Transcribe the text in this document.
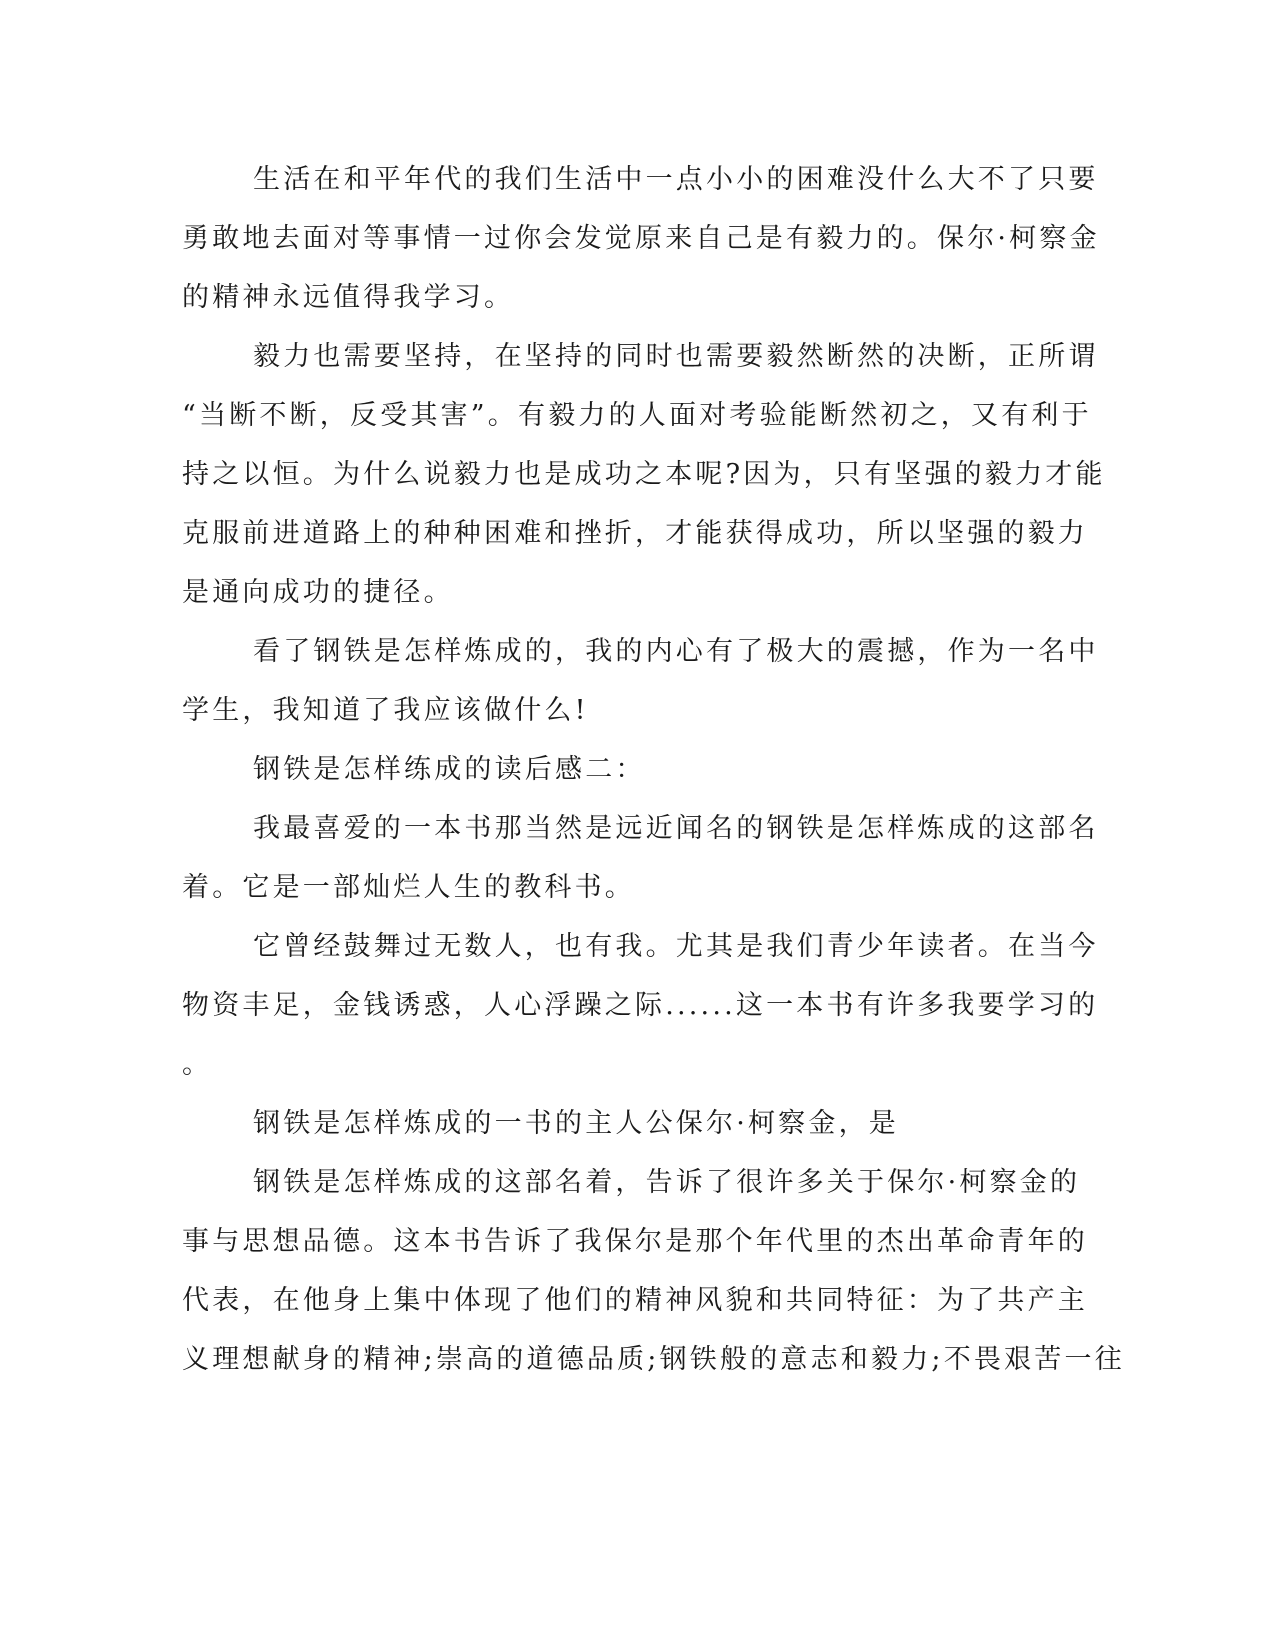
生活在和平年代的我们生活中一点小小的困难没什么大不了只要
勇敢地去面对等事情一过你会发觉原来自己是有毅力的。保尔·柯察金
的精神永远值得我学习。
毅力也需要坚持，在坚持的同时也需要毅然断然的决断，正所谓
“当断不断，反受其害”。有毅力的人面对考验能断然初之，又有利于
持之以恒。为什么说毅力也是成功之本呢?因为，只有坚强的毅力才能
克服前进道路上的种种困难和挫折，才能获得成功，所以坚强的毅力
是通向成功的捷径。
看了钢铁是怎样炼成的，我的内心有了极大的震撼，作为一名中
学生，我知道了我应该做什么!
钢铁是怎样练成的读后感二：
我最喜爱的一本书那当然是远近闻名的钢铁是怎样炼成的这部名
着。它是一部灿烂人生的教科书。
它曾经鼓舞过无数人，也有我。尤其是我们青少年读者。在当今
物资丰足，金钱诱惑，人心浮躁之际......这一本书有许多我要学习的
。
钢铁是怎样炼成的一书的主人公保尔·柯察金，是
钢铁是怎样炼成的这部名着，告诉了很许多关于保尔·柯察金的
事与思想品德。这本书告诉了我保尔是那个年代里的杰出革命青年的
代表，在他身上集中体现了他们的精神风貌和共同特征：为了共产主
义理想献身的精神;崇高的道德品质;钢铁般的意志和毅力;不畏艰苦一往
